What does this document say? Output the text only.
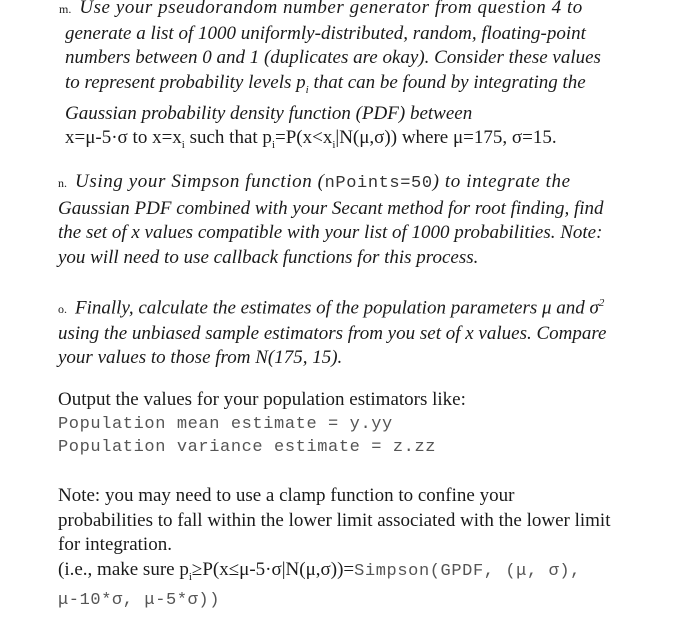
m. Use your pseudorandom number generator from question 4 to
generate a list of 1000 uniformly-distributed, random, floating-point
numbers between 0 and 1 (duplicates are okay). Consider these values
to represent probability levels $p_i$ that can be found by integrating the
Gaussian probability density function (PDF) between
x=μ-5·σ to $x=x_i$ such that $p_i=P(x<x_i|N(\mu,\sigma))$ where μ=175, σ=15.
n. Using your Simpson function (nPoints=50) to integrate the
Gaussian PDF combined with your Secant method for root finding, find
the set of x values compatible with your list of 1000 probabilities. Note:
you will need to use callback functions for this process.
o. Finally, calculate the estimates of the population parameters μ and $\sigma^2$
using the unbiased sample estimators from you set of x values. Compare
your values to those from N(175, 15).
Output the values for your population estimators like:
Population mean estimate = y.yy
Population variance estimate = z.zz
Note: you may need to use a clamp function to confine your
probabilities to fall within the lower limit associated with the lower limit
for integration.
(i.e., make sure $p_i\ge P(x\le\mu-5\cdot\sigma|N(\mu,\sigma))=Simpson(GPDF$, (μ, σ),
μ-10*σ, μ-5*σ))
